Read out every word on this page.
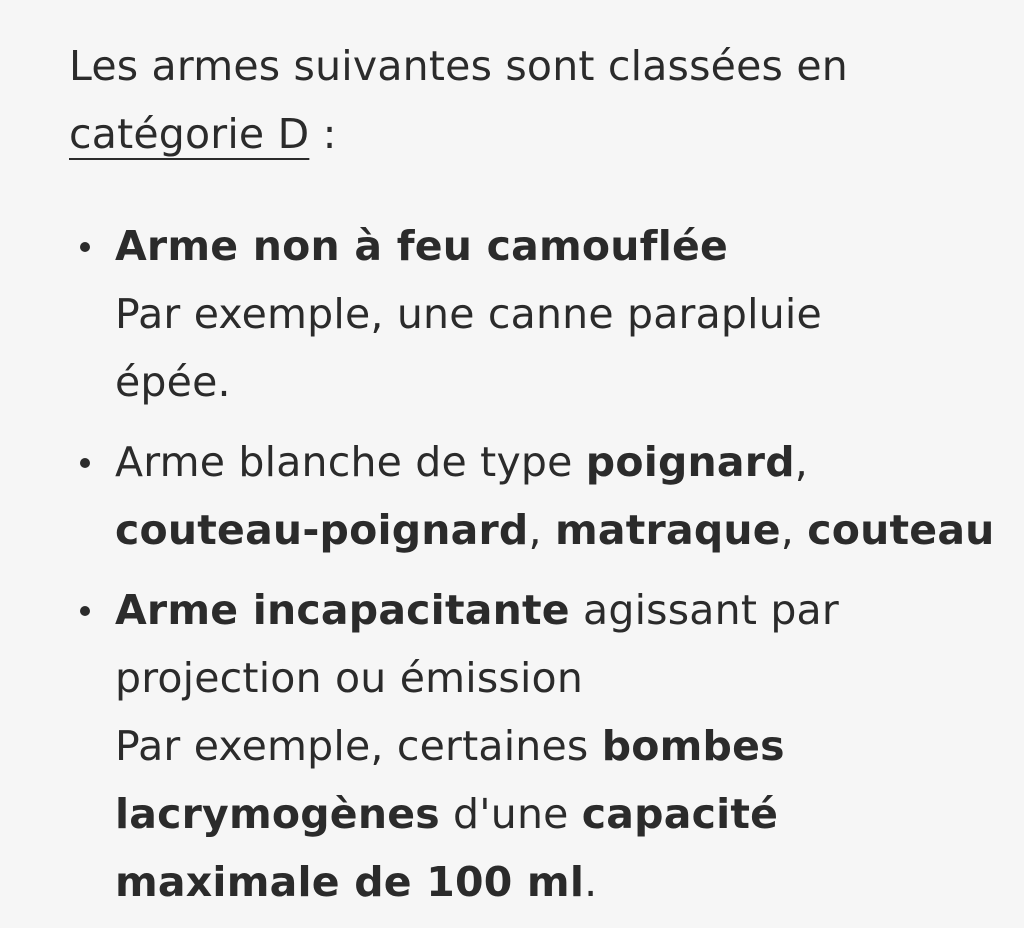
Les armes suivantes sont classées en
catégorie D :

Arme non à feu camouflée
Par exemple, une canne parapluie
épée.
Arme blanche de type poignard,
couteau-poignard, matraque, couteau
Arme incapacitante agissant par
projection ou émission
Par exemple, certaines bombes
lacrymogènes d'une capacité
maximale de 100 ml.
